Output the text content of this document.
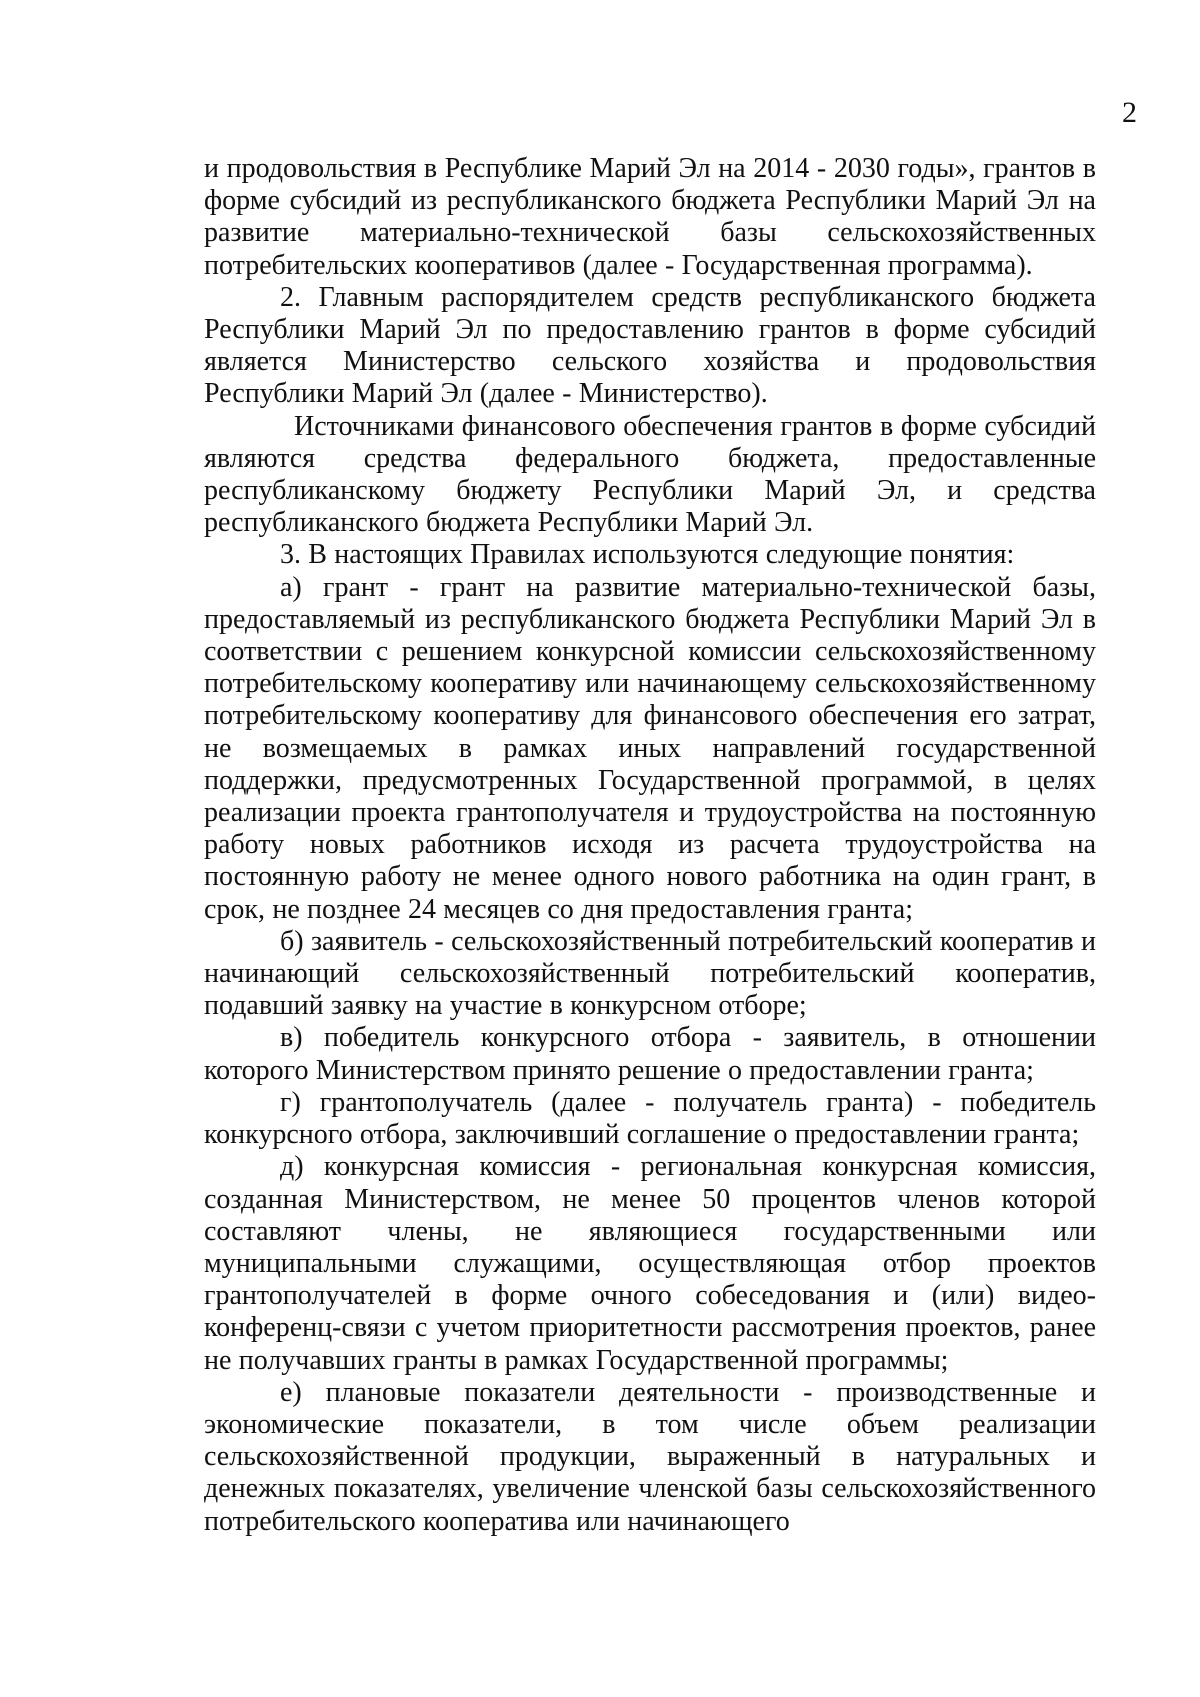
2

и продовольствия в Республике Марий Эл на 2014 - 2030 годы», грантов в форме субсидий из республиканского бюджета Республики Марий Эл на развитие материально-технической базы сельскохозяйственных потребительских кооперативов (далее - Государственная программа).

2. Главным распорядителем средств республиканского бюджета Республики Марий Эл по предоставлению грантов в форме субсидий является Министерство сельского хозяйства и продовольствия Республики Марий Эл (далее - Министерство).

Источниками финансового обеспечения грантов в форме субсидий являются средства федерального бюджета, предоставленные республиканскому бюджету Республики Марий Эл, и средства республиканского бюджета Республики Марий Эл.

3. В настоящих Правилах используются следующие понятия:

а) грант - грант на развитие материально-технической базы, предоставляемый из республиканского бюджета Республики Марий Эл в соответствии с решением конкурсной комиссии сельскохозяйственному потребительскому кооперативу или начинающему сельскохозяйственному потребительскому кооперативу для финансового обеспечения его затрат, не возмещаемых в рамках иных направлений государственной поддержки, предусмотренных Государственной программой, в целях реализации проекта грантополучателя и трудоустройства на постоянную работу новых работников исходя из расчета трудоустройства на постоянную работу не менее одного нового работника на один грант, в срок, не позднее 24 месяцев со дня предоставления гранта;

б) заявитель - сельскохозяйственный потребительский кооператив и начинающий сельскохозяйственный потребительский кооператив, подавший заявку на участие в конкурсном отборе;

в) победитель конкурсного отбора - заявитель, в отношении которого Министерством принято решение о предоставлении гранта;

г) грантополучатель (далее - получатель гранта) - победитель конкурсного отбора, заключивший соглашение о предоставлении гранта;

д) конкурсная комиссия - региональная конкурсная комиссия, созданная Министерством, не менее 50 процентов членов которой составляют члены, не являющиеся государственными или муниципальными служащими, осуществляющая отбор проектов грантополучателей в форме очного собеседования и (или) видео-конференц-связи с учетом приоритетности рассмотрения проектов, ранее не получавших гранты в рамках Государственной программы;

е) плановые показатели деятельности - производственные и экономические показатели, в том числе объем реализации сельскохозяйственной продукции, выраженный в натуральных и денежных показателях, увеличение членской базы сельскохозяйственного потребительского кооператива или начинающего
